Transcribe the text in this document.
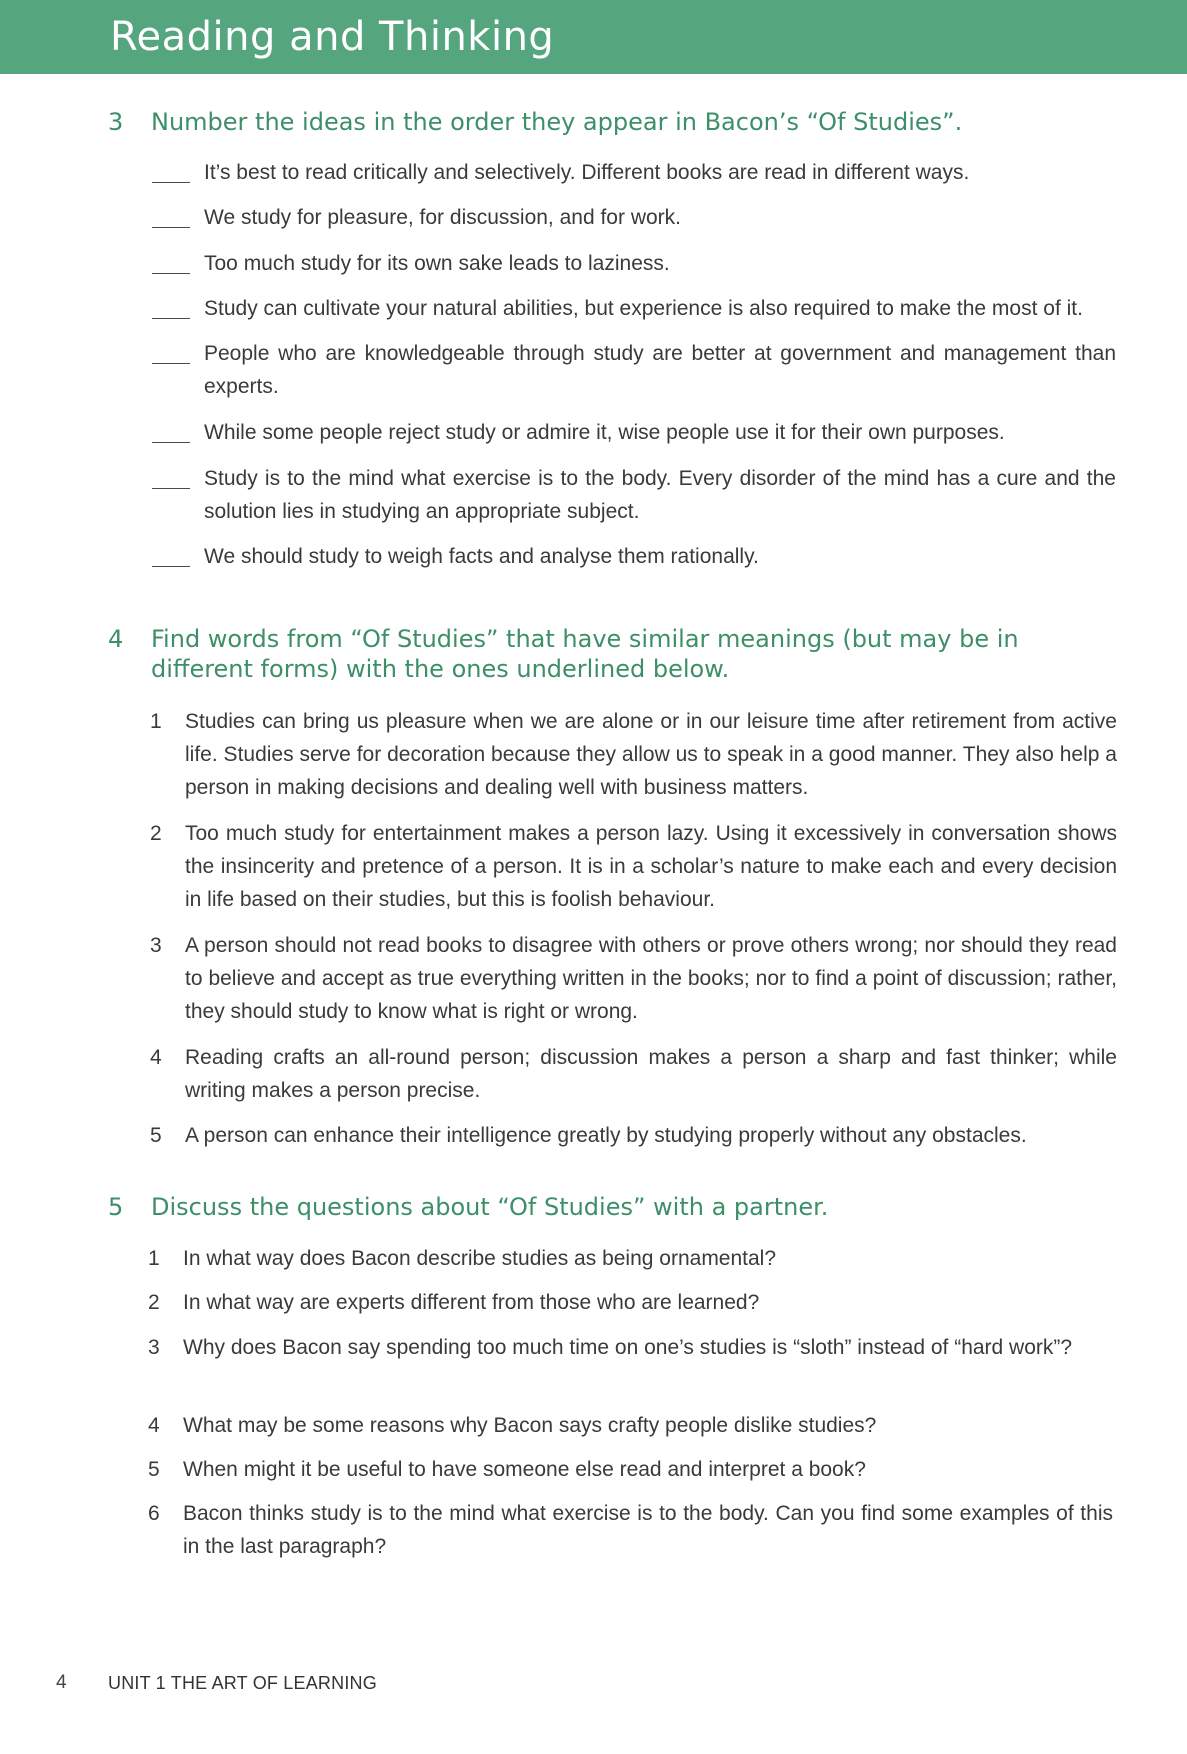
Reading and Thinking
3	Number the ideas in the order they appear in Bacon’s “Of Studies”.
It’s best to read critically and selectively. Different books are read in different ways.
We study for pleasure, for discussion, and for work.
Too much study for its own sake leads to laziness.
Study can cultivate your natural abilities, but experience is also required to make the most of it.
People who are knowledgeable through study are better at government and management than experts.
While some people reject study or admire it, wise people use it for their own purposes.
Study is to the mind what exercise is to the body. Every disorder of the mind has a cure and the solution lies in studying an appropriate subject.
We should study to weigh facts and analyse them rationally.
4	Find words from “Of Studies” that have similar meanings (but may be in
different forms) with the ones underlined below.
1	Studies can bring us pleasure when we are alone or in our leisure time after retirement from active life. Studies serve for decoration because they allow us to speak in a good manner. They also help a person in making decisions and dealing well with business matters.
2	Too much study for entertainment makes a person lazy. Using it excessively in conversation shows the insincerity and pretence of a person. It is in a scholar’s nature to make each and every decision in life based on their studies, but this is foolish behaviour.
3	A person should not read books to disagree with others or prove others wrong; nor should they read to believe and accept as true everything written in the books; nor to find a point of discussion; rather, they should study to know what is right or wrong.
4	Reading crafts an all-round person; discussion makes a person a sharp and fast thinker; while writing makes a person precise.
5	A person can enhance their intelligence greatly by studying properly without any obstacles.
5	Discuss the questions about “Of Studies” with a partner.
1	In what way does Bacon describe studies as being ornamental?
2	In what way are experts different from those who are learned?
3	Why does Bacon say spending too much time on one’s studies is “sloth” instead of “hard work”?
4	What may be some reasons why Bacon says crafty people dislike studies?
5	When might it be useful to have someone else read and interpret a book?
6	Bacon thinks study is to the mind what exercise is to the body. Can you find some examples of this in the last paragraph?
4 UNIT 1 THE ART OF LEARNING
